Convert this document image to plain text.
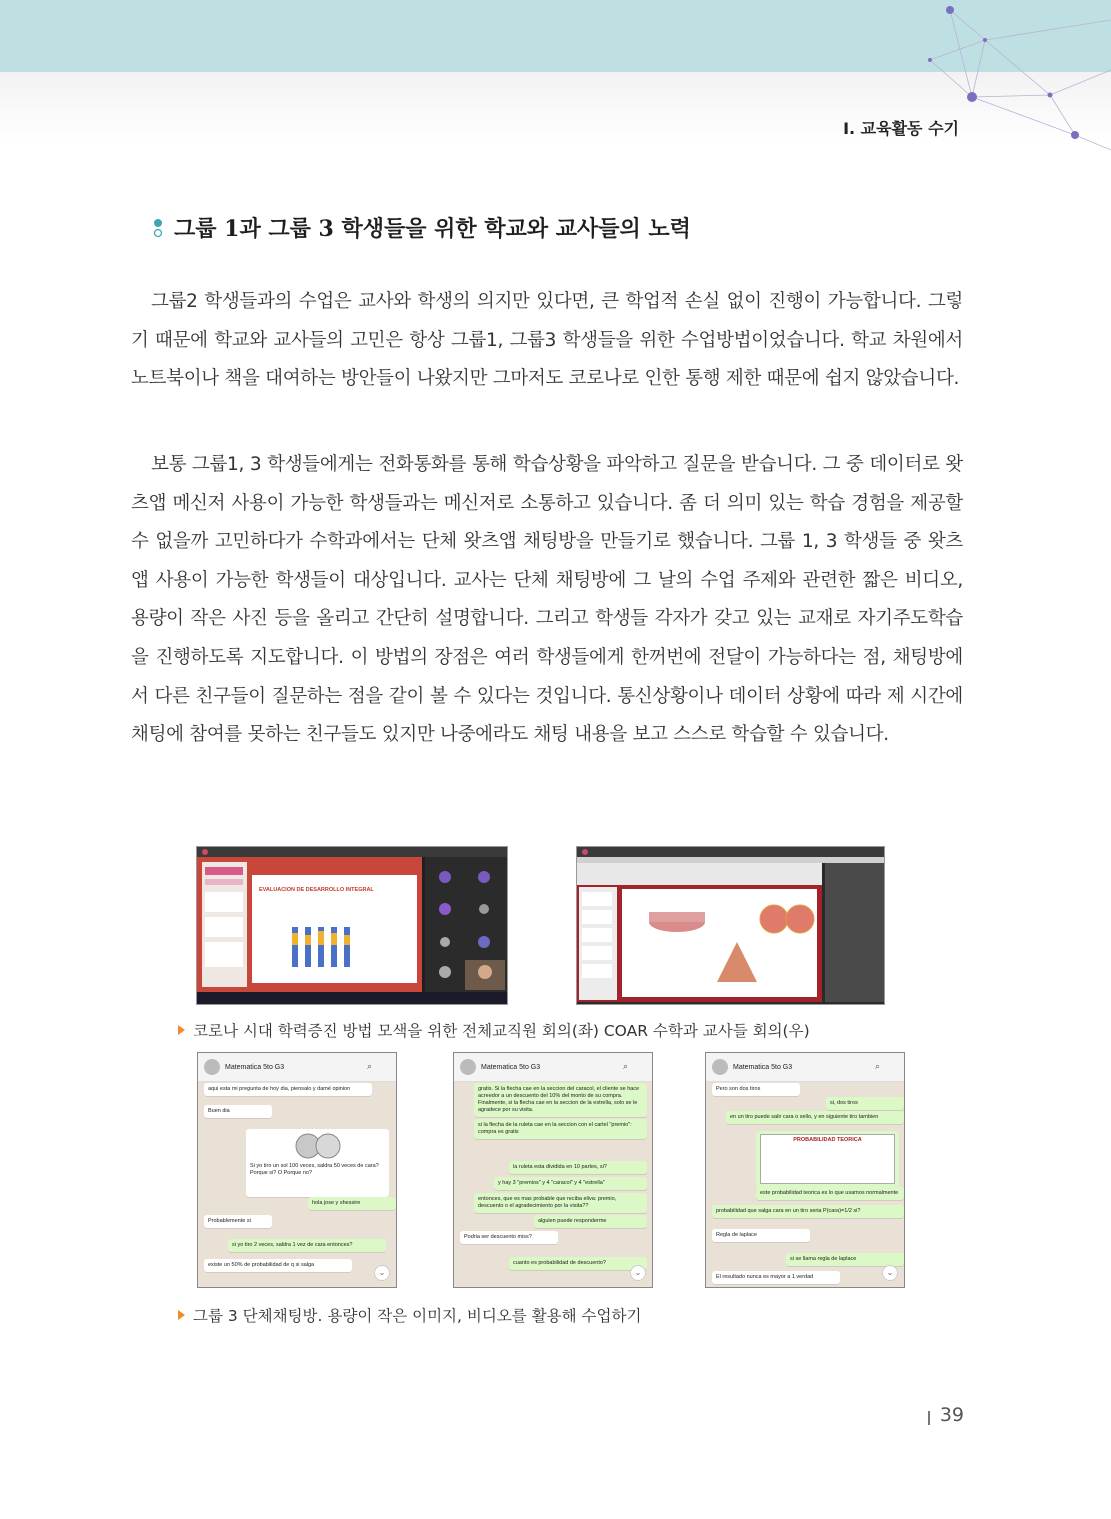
Ⅰ. 교육활동 수기
그룹 1과 그룹 3 학생들을 위한 학교와 교사들의 노력
그룹2 학생들과의 수업은 교사와 학생의 의지만 있다면, 큰 학업적 손실 없이 진행이 가능합니다. 그렇기 때문에 학교와 교사들의 고민은 항상 그룹1, 그룹3 학생들을 위한 수업방법이었습니다. 학교 차원에서 노트북이나 책을 대여하는 방안들이 나왔지만 그마저도 코로나로 인한 통행 제한 때문에 쉽지 않았습니다.
보통 그룹1, 3 학생들에게는 전화통화를 통해 학습상황을 파악하고 질문을 받습니다. 그 중 데이터로 왓츠앱 메신저 사용이 가능한 학생들과는 메신저로 소통하고 있습니다. 좀 더 의미 있는 학습 경험을 제공할 수 없을까 고민하다가 수학과에서는 단체 왓츠앱 채팅방을 만들기로 했습니다. 그룹 1, 3 학생들 중 왓츠앱 사용이 가능한 학생들이 대상입니다. 교사는 단체 채팅방에 그 날의 수업 주제와 관련한 짧은 비디오, 용량이 작은 사진 등을 올리고 간단히 설명합니다. 그리고 학생들 각자가 갖고 있는 교재로 자기주도학습을 진행하도록 지도합니다. 이 방법의 장점은 여러 학생들에게 한꺼번에 전달이 가능하다는 점, 채팅방에서 다른 친구들이 질문하는 점을 같이 볼 수 있다는 것입니다. 통신상황이나 데이터 상황에 따라 제 시간에 채팅에 참여를 못하는 친구들도 있지만 나중에라도 채팅 내용을 보고 스스로 학습할 수 있습니다.
EVALUACION DE DESARROLLO INTEGRAL
코로나 시대 학력증진 방법 모색을 위한 전체교직원 회의(좌) COAR 수학과 교사들 회의(우)
Matematica 5to G3	⌕
aqui esta mi pregunta de hoy dia, piensalo y damé opinion
Buen dia
Si yo tiro un sol 100 veces, saldra 50 veces de cara? Porque si? O Porque no?
hola jose y shessire
Probablemente si
si yo tiro 2 veces, saldra 1 vez de cara entonces?
existe un 50% de probabilidad de q si salga
⌄
Matematica 5to G3	⌕
gratis. Si la flecha cae en la seccion del caracol, el cliente se hace acreedor a un descuento del 10% del monto de su compra. Finalmente, si la flecha cae en la seccion de la estrella, solo se le agradece por su visita.
si la flecha de la ruleta cae en la seccion con el cartel "premio": compra es gratis
la ruleta esta dividida en 10 partes, si?
y hay 3 "premios" y 4 "caracol" y 4 "estrella"
entonces, que es mas probable que reciba eliva: premio, descuento o el agradecimiento por la visita??
alguien puede responderme
Podria ser descuento miss?
cuanto es probabilidad de descuento?
⌄
Matematica 5to G3	⌕
Pero son dos tiros
si, dos tiros
en un tiro puede salir cara o sello, y en siguiente tiro tambien
PROBABILIDAD TEORICA
este probabilidad teorica es lo que usamos normalmente
probabilidad que salga cara en un tiro seria P(cara)=1/2 si?
Regla de laplace
si se llama regla de laplace
El resultado nunca es mayor a 1 verdad	⌄
그룹 3 단체채팅방. 용량이 작은 이미지, 비디오를 활용해 수업하기
39
